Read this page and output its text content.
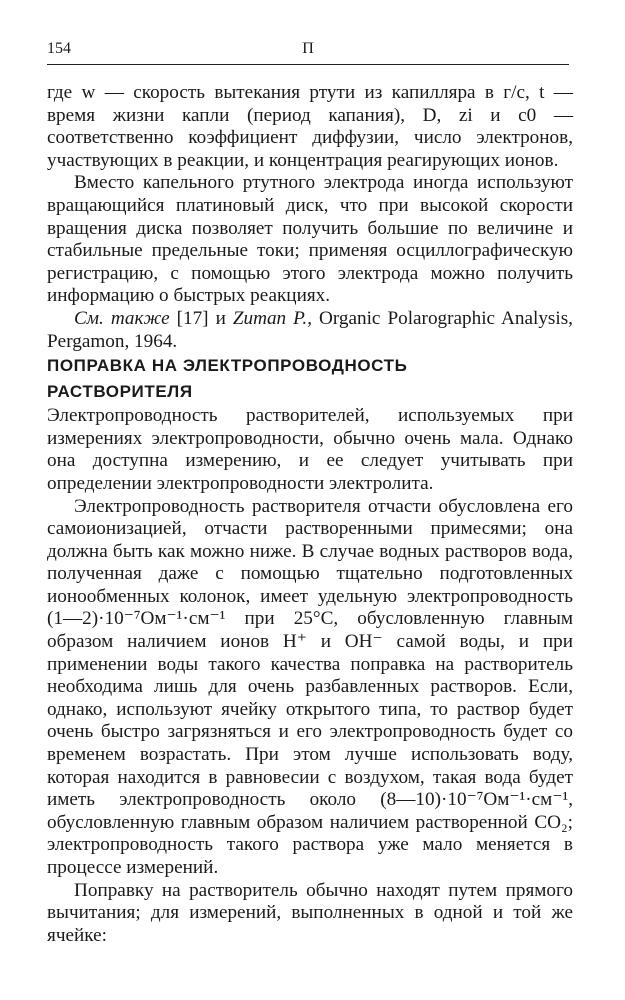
154	П

где w — скорость вытекания ртути из капилляра в г/с, t — время жизни капли (период капания), D, zi и c0 — соответственно коэффициент диффузии, число электронов, участвующих в реакции, и концентрация реагирующих ионов.

Вместо капельного ртутного электрода иногда используют вращающийся платиновый диск, что при высокой скорости вращения диска позволяет получить большие по величине и стабильные предельные токи; применяя осциллографическую регистрацию, с помощью этого электрода можно получить информацию о быстрых реакциях.

См. также [17] и Zuman P., Organic Polarographic Analysis, Pergamon, 1964.

ПОПРАВКА НА ЭЛЕКТРОПРОВОДНОСТЬ
РАСТВОРИТЕЛЯ

Электропроводность растворителей, используемых при измерениях электропроводности, обычно очень мала. Однако она доступна измерению, и ее следует учитывать при определении электропроводности электролита.

Электропроводность растворителя отчасти обусловлена его самоионизацией, отчасти растворенными примесями; она должна быть как можно ниже. В случае водных растворов вода, полученная даже с помощью тщательно подготовленных ионообменных колонок, имеет удельную электропроводность (1—2)·10⁻⁷Ом⁻¹·см⁻¹ при 25°C, обусловленную главным образом наличием ионов H⁺ и OH⁻ самой воды, и при применении воды такого качества поправка на растворитель необходима лишь для очень разбавленных растворов. Если, однако, используют ячейку открытого типа, то раствор будет очень быстро загрязняться и его электропроводность будет со временем возрастать. При этом лучше использовать воду, которая находится в равновесии с воздухом, такая вода будет иметь электропроводность около (8—10)·10⁻⁷Ом⁻¹·см⁻¹, обусловленную главным образом наличием растворенной CO₂; электропроводность такого раствора уже мало меняется в процессе измерений.

Поправку на растворитель обычно находят путем прямого вычитания; для измерений, выполненных в одной и той же ячейке:
